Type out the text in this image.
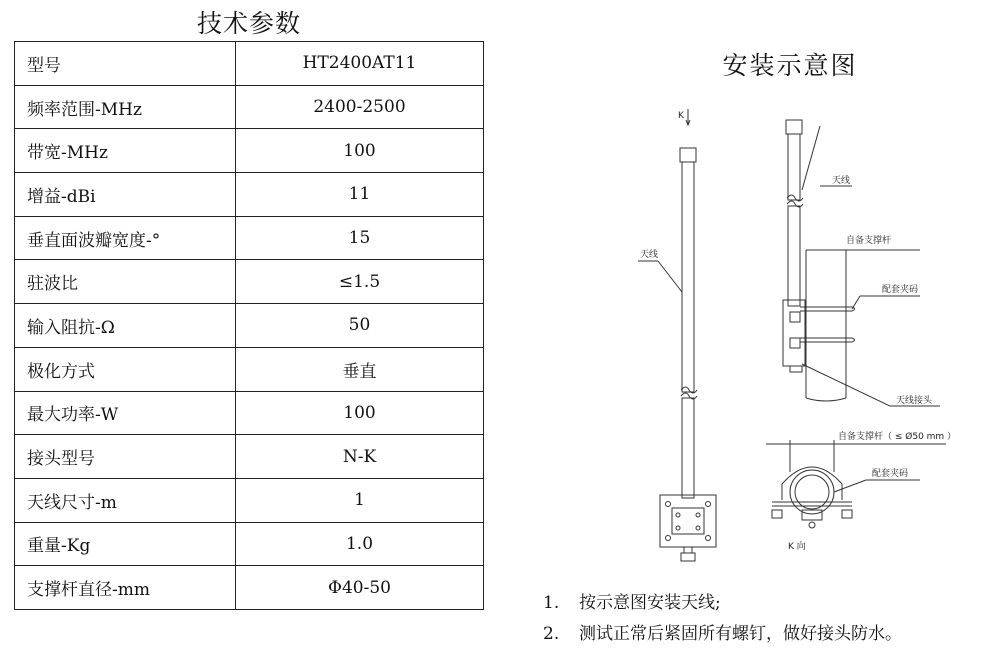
技术参数
型号	HT2400AT11
频率范围-MHz	2400-2500
带宽-MHz	100
增益-dBi	11
垂直面波瓣宽度-°	15
驻波比	≤1.5
输入阻抗-Ω	50
极化方式	垂直
最大功率-W	100
接头型号	N-K
天线尺寸-m	1
重量-Kg	1.0
支撑杆直径-mm	Φ40-50
安装示意图
K
天线
天线
自备支撑杆
配套夹码
天线接头
自备支撑杆（ ≤ Ø50 mm ）
配套夹码
K 向
1. 按示意图安装天线;
2. 测试正常后紧固所有螺钉，做好接头防水。
